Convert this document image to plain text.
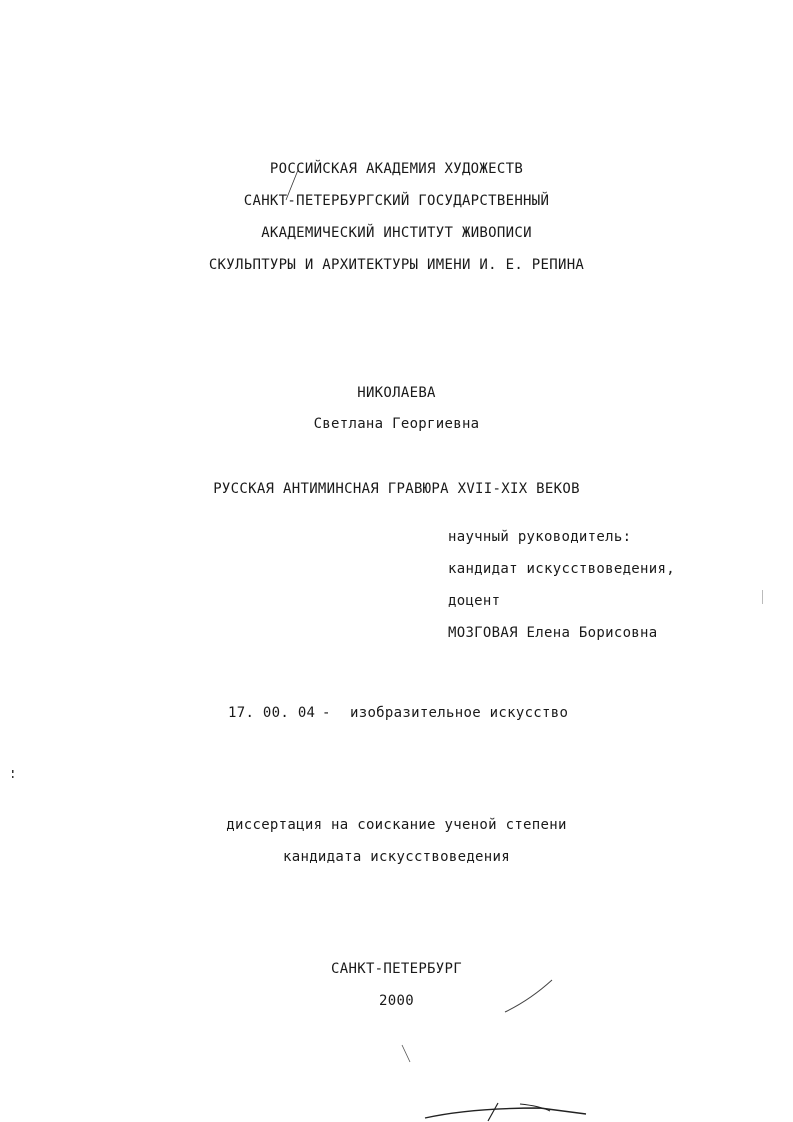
РОССИЙСКАЯ АКАДЕМИЯ ХУДОЖЕСТВ
САНКТ-ПЕТЕРБУРГСКИЙ ГОСУДАРСТВЕННЫЙ
АКАДЕМИЧЕСКИЙ ИНСТИТУТ ЖИВОПИСИ
СКУЛЬПТУРЫ И АРХИТЕКТУРЫ ИМЕНИ И. Е. РЕПИНА
НИКОЛАЕВА
Светлана Георгиевна
РУССКАЯ АНТИМИНСНАЯ ГРАВЮРА XVII-XIX ВЕКОВ
научный руководитель:
кандидат искусствоведения,
доцент
МОЗГОВАЯ Елена Борисовна
17. 00. 04 - изобразительное искусство
диссертация на соискание ученой степени
кандидата искусствоведения
САНКТ-ПЕТЕРБУРГ
2000
